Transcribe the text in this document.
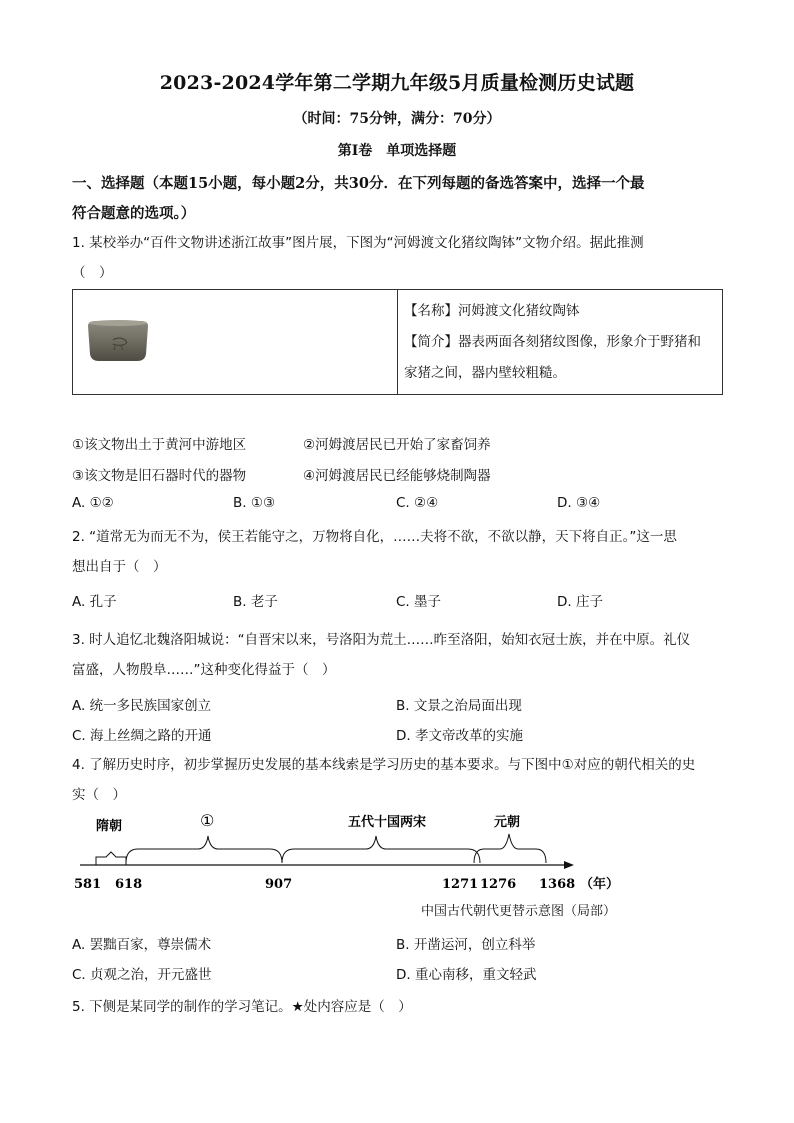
2023-2024学年第二学期九年级5月质量检测历史试题
（时间：75分钟，满分：70分）
第Ⅰ卷　单项选择题
一、选择题（本题15小题，每小题2分，共30分．在下列每题的备选答案中，选择一个最
符合题意的选项。）
1. 某校举办“百件文物讲述浙江故事”图片展，下图为“河姆渡文化猪纹陶钵”文物介绍。据此推测
（　）

【名称】河姆渡文化猪纹陶钵
【简介】器表两面各刻猪纹图像，形象介于野猪和
家猪之间，器内壁较粗糙。
①该文物出土于黄河中游地区	②河姆渡居民已开始了家畜饲养
③该文物是旧石器时代的器物	④河姆渡居民已经能够烧制陶器
A. ①②	B. ①③	C. ②④	D. ③④
2. “道常无为而无不为，侯王若能守之，万物将自化，……夫将不欲，不欲以静，天下将自正。”这一思
想出自于（　）
A. 孔子	B. 老子	C. 墨子	D. 庄子
3. 时人追忆北魏洛阳城说：“自晋宋以来，号洛阳为荒土……昨至洛阳，始知衣冠士族，并在中原。礼仪
富盛，人物殷阜……”这种变化得益于（　）
A. 统一多民族国家创立	B. 文景之治局面出现
C. 海上丝绸之路的开通	D. 孝文帝改革的实施
4. 了解历史时序，初步掌握历史发展的基本线索是学习历史的基本要求。与下图中①对应的朝代相关的史
实（　）
隋朝	①	五代十国两宋	元朝
581 618	907	1271 1276 1368 （年）
中国古代朝代更替示意图（局部）
A. 罢黜百家，尊崇儒术	B. 开凿运河，创立科举
C. 贞观之治，开元盛世	D. 重心南移，重文轻武
5. 下侧是某同学的制作的学习笔记。★处内容应是（　）
